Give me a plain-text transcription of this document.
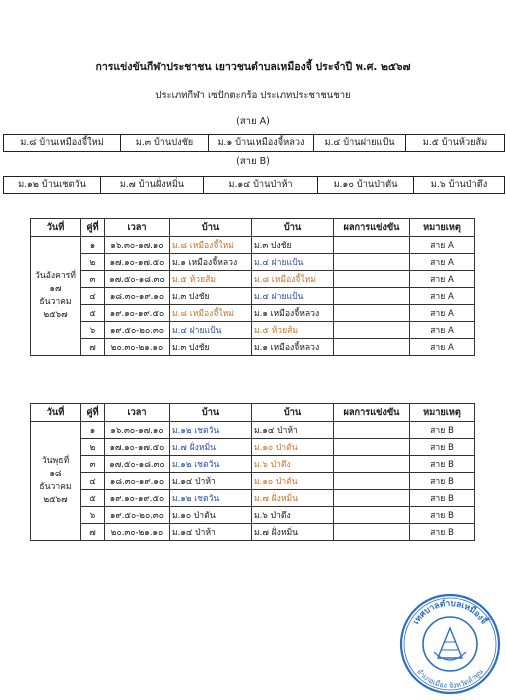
การแข่งขันกีฬาประชาชน เยาวชนตำบลเหมืองจี้ ประจำปี พ.ศ. ๒๕๖๗
ประเภทกีฬา เซปักตะกร้อ ประเภทประชาชนชาย
(สาย A)
ม.๘ บ้านเหมืองจี้ใหม่	ม.๓ บ้านปงชัย	ม.๑ บ้านเหมืองจี้หลวง	ม.๔ บ้านฝายแป้น	ม.๕ บ้านห้วยส้ม
(สาย B)
ม.๑๒ บ้านเชตวัน	ม.๗ บ้านฝั่งหมิ่น	ม.๑๔ บ้านป่าห้า	ม.๑๐ บ้านป่าตัน	ม.๖ บ้านป่าตึง
วันที่	คู่ที่	เวลา	บ้าน	บ้าน	ผลการแข่งขัน	หมายเหตุ

วันอังคารที่
๑๗
ธันวาคม
๒๕๖๗	๑	๑๖.๓๐-๑๗.๑๐	ม.๘ เหมืองจี้ใหม่	ม.๓ ปงชัย		สาย A
	๒	๑๗.๑๐-๑๗.๕๐	ม.๑ เหมืองจี้หลวง	ม.๔ ฝายแป้น		สาย A
	๓	๑๗.๕๐-๑๘.๓๐	ม.๕ ห้วยส้ม	ม.๘ เหมืองจี้ใหม่		สาย A
	๔	๑๘.๓๐-๑๙.๑๐	ม.๓ ปงชัย	ม.๔ ฝายแป้น		สาย A
	๕	๑๙.๑๐-๑๙.๕๐	ม.๘ เหมืองจี้ใหม่	ม.๑ เหมืองจี้หลวง		สาย A
	๖	๑๙.๕๐-๒๐.๓๐	ม.๔ ฝายแป้น	ม.๕ ห้วยส้ม		สาย A
	๗	๒๐.๓๐-๒๑.๑๐	ม.๓ ปงชัย	ม.๑ เหมืองจี้หลวง		สาย A
วันที่	คู่ที่	เวลา	บ้าน	บ้าน	ผลการแข่งขัน	หมายเหตุ

วันพุธที่
๑๘
ธันวาคม
๒๕๖๗	๑	๑๖.๓๐-๑๗.๑๐	ม.๑๒ เชตวัน	ม.๑๔ ป่าห้า		สาย B
	๒	๑๗.๑๐-๑๗.๕๐	ม.๗ ฝั่งหมิ่น	ม.๑๐ ป่าตัน		สาย B
	๓	๑๗.๕๐-๑๘.๓๐	ม.๑๒ เชตวัน	ม.๖ ป่าตึง		สาย B
	๔	๑๘.๓๐-๑๙.๑๐	ม.๑๔ ป่าห้า	ม.๑๐ ป่าตัน		สาย B
	๕	๑๙.๑๐-๑๙.๕๐	ม.๑๒ เชตวัน	ม.๗ ฝั่งหมิ่น		สาย B
	๖	๑๙.๕๐-๒๐.๓๐	ม.๑๐ ป่าตัน	ม.๖ ป่าตึง		สาย B
	๗	๒๐.๓๐-๒๑.๑๐	ม.๑๔ ป่าห้า	ม.๗ ฝั่งหมิ่น		สาย B
เทศบาลตำบลเหมืองจี้
อำเภอเมือง จังหวัดลำพูน
